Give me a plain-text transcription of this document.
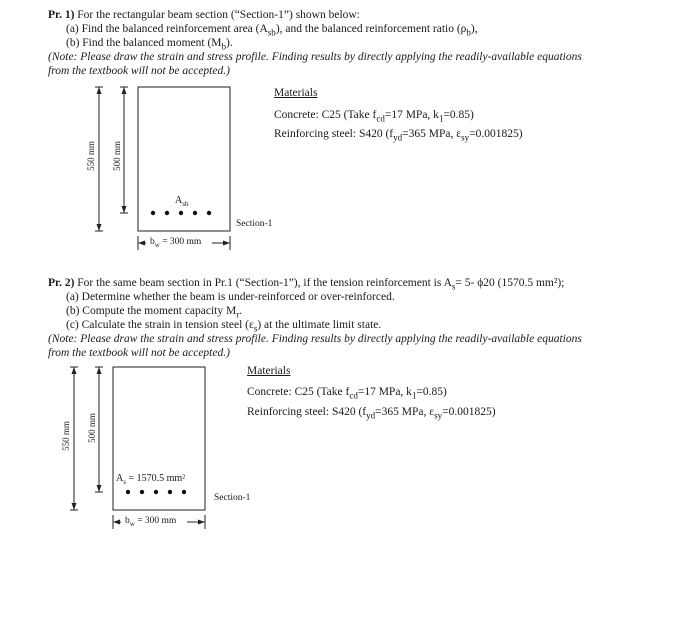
Pr. 1) For the rectangular beam section (“Section-1”) shown below:
(a) Find the balanced reinforcement area $(A_{sb})$, and the balanced reinforcement ratio $(\rho_b)$,
(b) Find the balanced moment $(M_b)$.
(Note: Please draw the strain and stress profile. Finding results by directly applying the readily-available equations
from the textbook will not be accepted.)
550 mm 500 mm
$A_{sb}$
Section-1
$b_w = 300$ mm
Materials
Concrete: C25 (Take $f_{cd}=17$ MPa, $k_1=0.85$)
Reinforcing steel: S420 ($f_{yd}=365$ MPa, $\varepsilon_{sy}=0.001825$)
Pr. 2) For the same beam section in Pr.1 (“Section-1”), if the tension reinforcement is $A_s= 5-$ ϕ20 (1570.5 mm²);
(a) Determine whether the beam is under-reinforced or over-reinforced.
(b) Compute the moment capacity $M_r$.
(c) Calculate the strain in tension steel $(\varepsilon_s)$ at the ultimate limit state.
(Note: Please draw the strain and stress profile. Finding results by directly applying the readily-available equations
from the textbook will not be accepted.)
550 mm 500 mm
$A_s = 1570.5$ mm²
Section-1
$b_w = 300$ mm
Materials
Concrete: C25 (Take $f_{cd}=17$ MPa, $k_1=0.85$)
Reinforcing steel: S420 ($f_{yd}=365$ MPa, $\varepsilon_{sy}=0.001825$)
